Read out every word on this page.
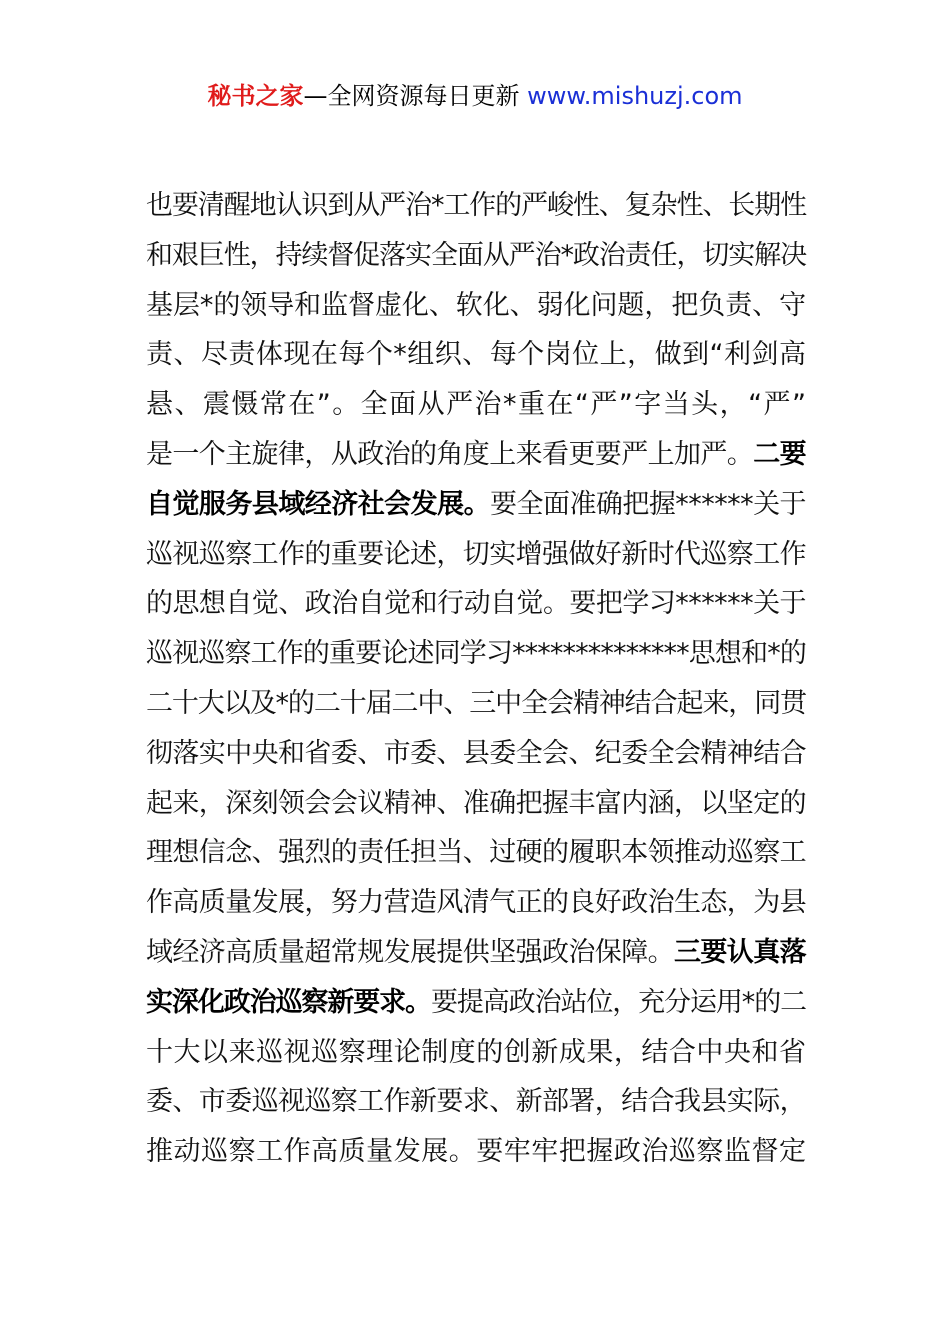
秘书之家—全网资源每日更新 www.mishuzj.com
也要清醒地认识到从严治*工作的严峻性、复杂性、长期性
和艰巨性，持续督促落实全面从严治*政治责任，切实解决
基层*的领导和监督虚化、软化、弱化问题，把负责、守
责、尽责体现在每个*组织、每个岗位上，做到“利剑高
悬、震慑常在”。全面从严治*重在“严”字当头，“严”
是一个主旋律，从政治的角度上来看更要严上加严。二要
自觉服务县域经济社会发展。要全面准确把握******关于
巡视巡察工作的重要论述，切实增强做好新时代巡察工作
的思想自觉、政治自觉和行动自觉。要把学习******关于
巡视巡察工作的重要论述同学习**************思想和*的
二十大以及*的二十届二中、三中全会精神结合起来，同贯
彻落实中央和省委、市委、县委全会、纪委全会精神结合
起来，深刻领会会议精神、准确把握丰富内涵，以坚定的
理想信念、强烈的责任担当、过硬的履职本领推动巡察工
作高质量发展，努力营造风清气正的良好政治生态，为县
域经济高质量超常规发展提供坚强政治保障。三要认真落
实深化政治巡察新要求。要提高政治站位，充分运用*的二
十大以来巡视巡察理论制度的创新成果，结合中央和省
委、市委巡视巡察工作新要求、新部署，结合我县实际，
推动巡察工作高质量发展。要牢牢把握政治巡察监督定
